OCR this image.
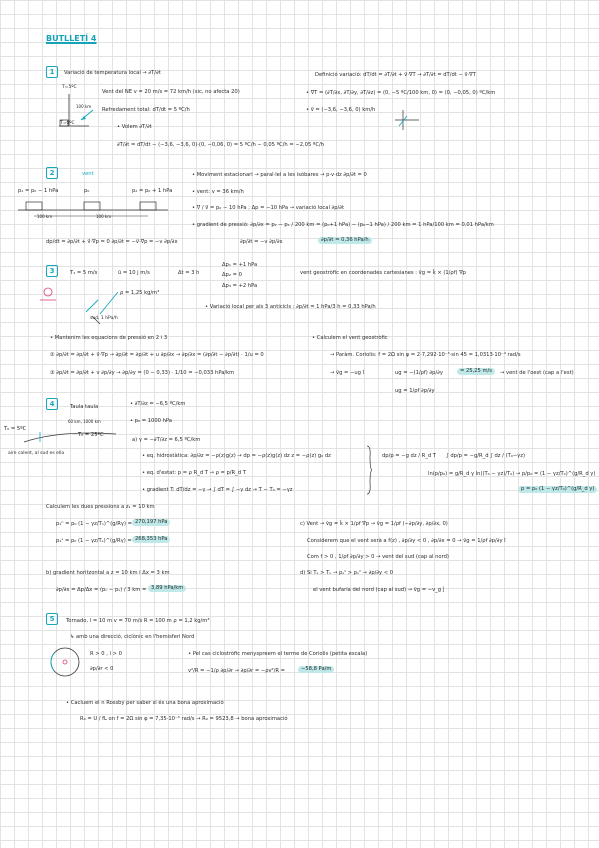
BUTLLETÍ 4
1	Variació de temperatura local → ∂T/∂t
Vent del NE v = 20 m/s = 72 km/h (sic, no afecta 20)
Refredament total: dT/dt = 5 ºC/h
• Volem ∂T/∂t
∂T/∂t = dT/dt − (−3,6, −3,6, 0)·(0, −0,06, 0) = 5 ºC/h − 0,05 ºC/h = −2,05 ºC/h
Definició variació: dT/dt = ∂T/∂t + v⃗·∇T → ∂T/∂t = dT/dt − v⃗·∇T
• ∇T = (∂T/∂x, ∂T/∂y, ∂T/∂z) = (0, −5 ºC/100 km, 0) = (0, −0,05, 0) ºC/km
• v⃗ = (−3,6, −3,6, 0) km/h
T=5ºC
T=0ºC
100 km
2	vent
p₁ = p₀ − 1 hPa	p₀	p₂ = p₀ + 1 hPa
100 km	100 km
• Moviment estacionari → paral·lel a les isòbares → p·v·dz ∂p/∂t = 0
• vent: v = 36 km/h
• ∇ / v⃗ = p₀ − 10 hPa ; Δp = −10 hPa → variació local ∂p/∂t
• gradient de pressió: ∂p/∂x = p₂ − p₁ / 200 km = (p₀+1 hPa) − (p₀−1 hPa) / 200 km = 1 hPa/100 km = 0,01 hPa/km
dp/dt = ∂p/∂t + v⃗·∇p = 0 ∂p/∂t = −v⃗·∇p = −v ∂p/∂x	∂p/∂t = −v ∂p/∂x	∂p/∂t = 0,36 hPa/h
3	T₁ = 5 m/s	ū = 10 j m/s	Δt = 3 h
Δp₁ = +1 hPa
Δp₂ = 0
Δp₃ = +2 hPa
vent geostròfic en coordenades cartesianes : v̄g = k̂ × (1/ρf) ∇p
ρ = 1,25 kg/m³
• Variació local per als 3 anticicls : ∂p/∂t = 1 hPa/3 h = 0,33 hPa/h
sud, 1 hPa/h
• Mantenim les equacions de pressió en 2 i 3
② ∂p/∂t = ∂p/∂t + v⃗·∇p → ∂p/∂t = ∂p/∂t + u ∂p/∂x → ∂p/∂x = (∂p/∂t − ∂p/∂t) · 1/u = 0
③ ∂p/∂t = ∂p/∂t + v ∂p/∂y → ∂p/∂y = (0 − 0,33) · 1/10 = −0,033 hPa/km
• Calculem el vent geostròfic
→ Paràm. Coriolis: f = 2Ω sin φ = 2·7,292·10⁻⁵·sin 45 = 1,0313·10⁻⁴ rad/s
→ v̄g = −ug î	ug = −(1/ρf) ∂p/∂y	= 25,25 m/s	→ vent de l'oest (cap a l'est)
ug = 1/ρf ∂p/∂y
4	Taula taula	• ∂T/∂z = −6,5 ºC/km
• p₀ = 1000 hPa
T₀ = 5ºC
T₀ = 25ºC
60 km, 1000 km
aire calent, al sud es ella
a) γ = −∂T/∂z = 6,5 ºC/km
• eq. hidrostàtica: ∂p/∂z = −ρ(z)g(z) → dp = −ρ(z)g(z) dz z = −ρ(z) g₀ dz
• eq. d'estat: p = ρ R_d T → ρ = p/R_d T
• gradient T: dT/dz = −γ → ∫ dT = ∫ −γ dz → T − T₀ = −γz
dp/p = −g dz / R_d T ∫ dp/p = −g/R_d ∫ dz / (T₀−γz)
ln(p/p₀) = g/R_d γ ln((T₀ − γz)/T₀) → p/p₀ = (1 − γz/T₀)^(g/R_d γ)
p = p₀ (1 − γz/T₀)^(g/R_d γ)
Calculem les dues pressions a z₁ = 10 km
p₁ⁿ = p₀ (1 − γz/Tₙ)^(g/Rγ) = 270,197 hPa
p₁ˢ = p₀ (1 − γz/Tₛ)^(g/Rγ) = 268,353 hPa
c) Vent → v̄g = k̂ × 1/ρf ∇p → v̄g = 1/ρf (−∂p/∂y, ∂p/∂x, 0)
Considerem que el vent serà a f(z) , ∂p/∂y < 0 , ∂p/∂x = 0 → v̄g = 1/ρf ∂p/∂y î
Com f > 0 , 1/ρf ∂p/∂y > 0 → vent del sud (cap al nord)
b) gradient horitzontal a z = 10 km i Δx = 3 km
∂p/∂x = Δp/Δx = (pₙ − pₛ) / 3 km = 3,89 hPa/km
d) Si Tₛ > Tₙ → pₛᶻ > pₙᶻ → ∂p/∂y < 0
el vent bufaria del nord (cap al sud) → v̄g = −v_g ĵ
5	Tornado, l = 10 m v = 70 m/s R = 100 m ρ = 1,2 kg/m³
↳ amb una direcció, ciclònic en l'hemisferi Nord
R > 0 , l > 0
∂p/∂r < 0
• Pel cas ciclostròfic menyspreem el terme de Coriolis (petita escala)
v²/R = −1/ρ ∂p/∂r → ∂p/∂r = −ρv²/R =	−58,8 Pa/m
• Cacluem el n Rossby per saber si és una bona aproximació
R₀ = U / fL on f = 2Ω sin φ = 7,35·10⁻⁵ rad/s → R₀ = 9523,8 → bona aproximació
